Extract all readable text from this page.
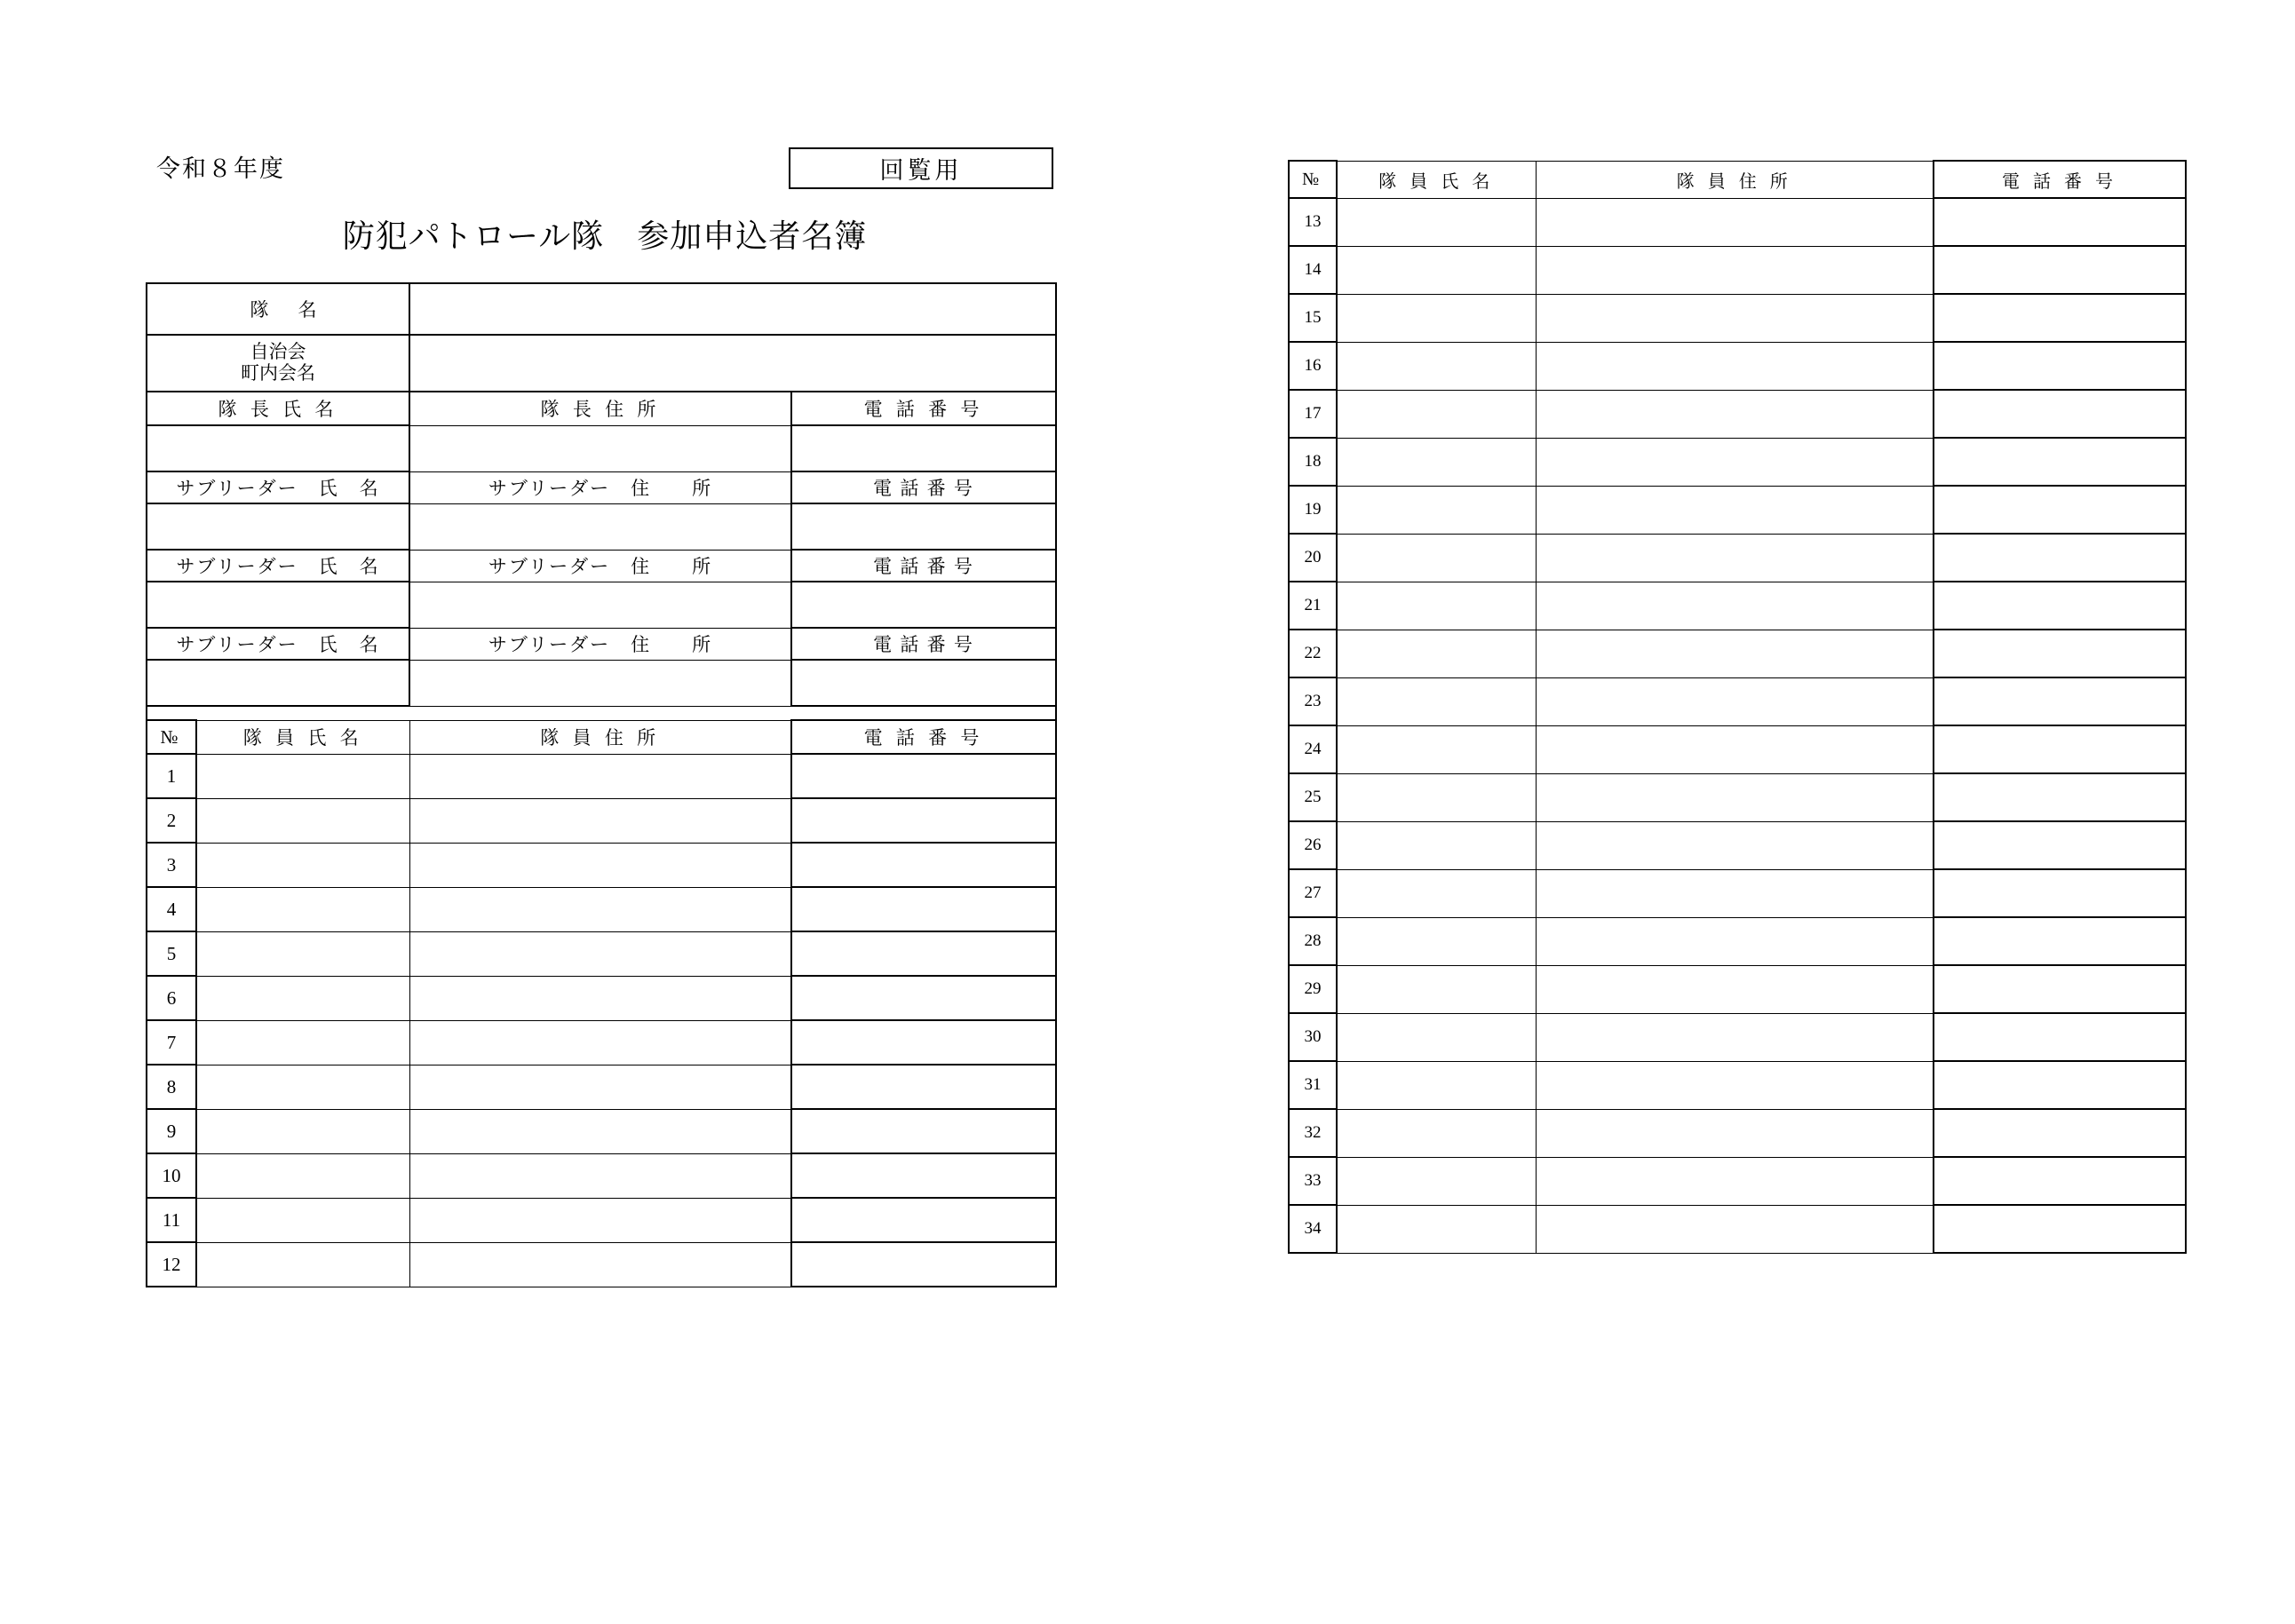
令和８年度	回覧用
防犯パトロール隊　参加申込者名簿
隊　名			

自治会
町内会名			

隊 長 氏 名		隊 長 住 所	電 話 番 号

サブリーダー　氏　名		サブリーダー　住　　所	電 話 番 号

サブリーダー　氏　名		サブリーダー　住　　所	電 話 番 号

サブリーダー　氏　名		サブリーダー　住　　所	電 話 番 号

№	隊 員 氏 名	隊 員 住 所	電 話 番 号
1			
2			
3			
4			
5			
6			
7			
8			
9			
10			
11			
12			
№	隊 員 氏 名	隊 員 住 所	電 話 番 号
13			
14			
15			
16			
17			
18			
19			
20			
21			
22			
23			
24			
25			
26			
27			
28			
29			
30			
31			
32			
33			
34			
